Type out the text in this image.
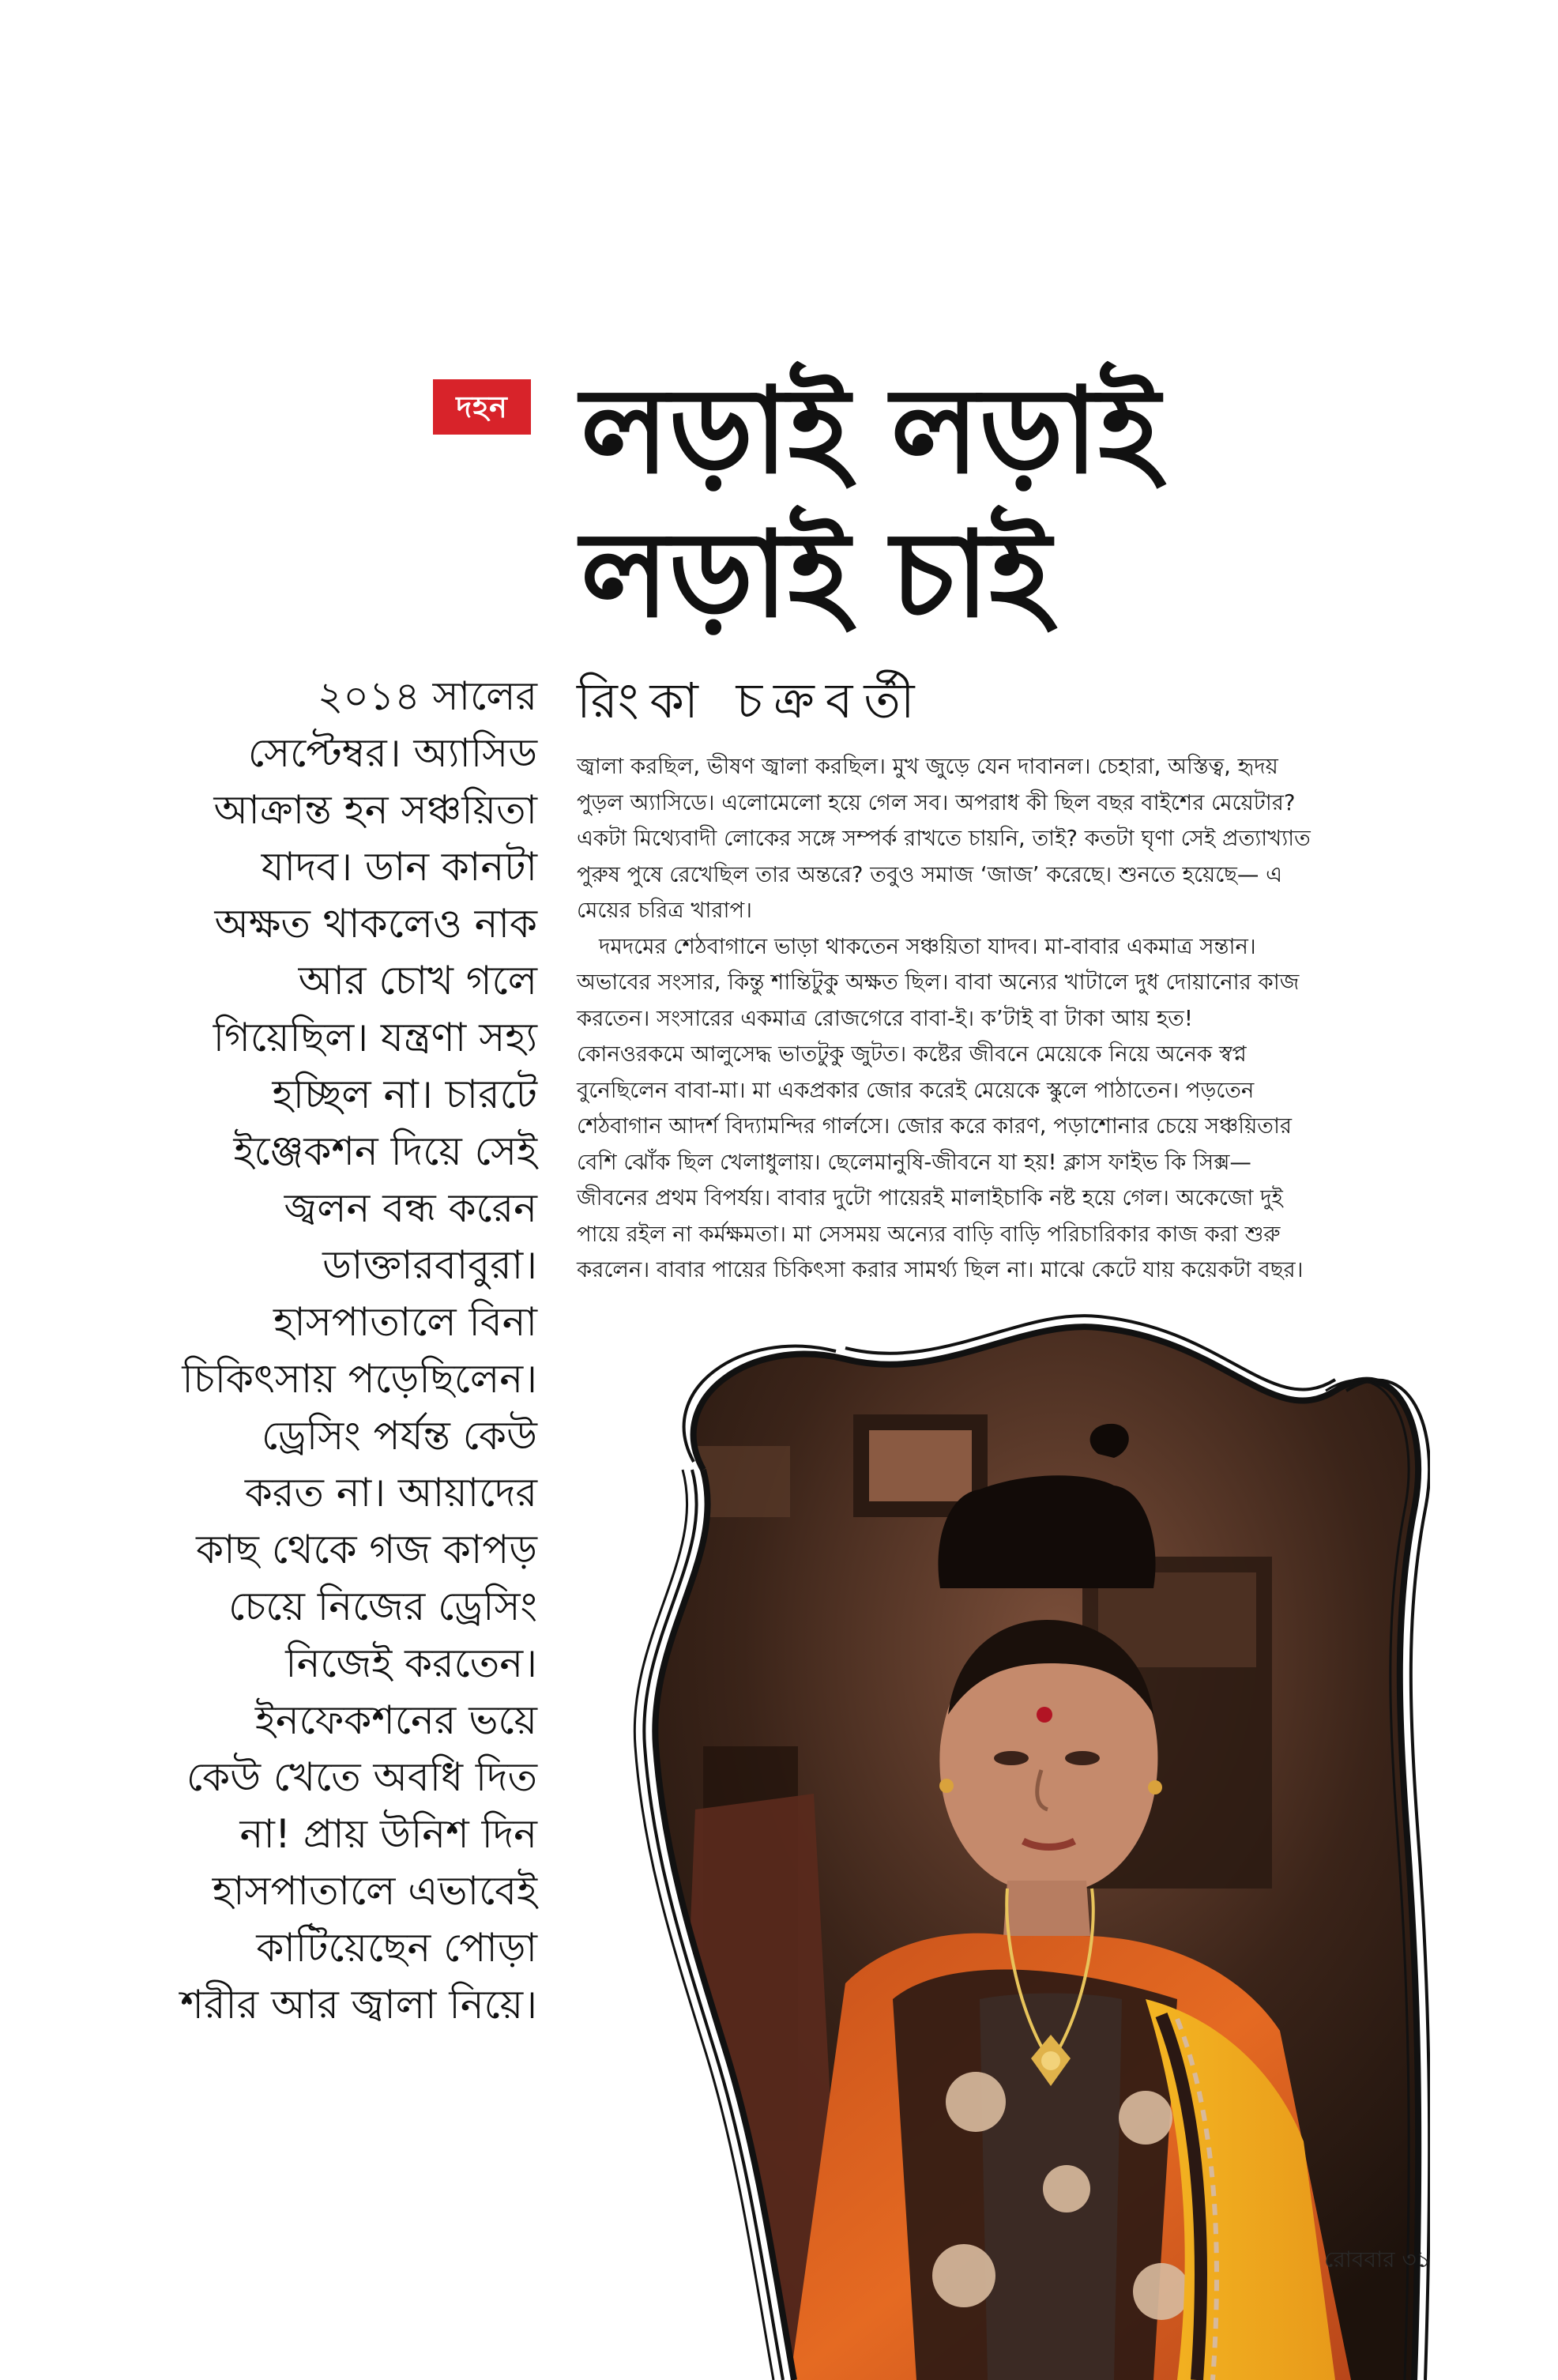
দহন লড়াই লড়াই
লড়াই চাই
রিংকা চক্রবর্তী
২০১৪ সালের
সেপ্টেম্বর। অ্যাসিড
আক্রান্ত হন সঞ্চয়িতা
যাদব। ডান কানটা
অক্ষত থাকলেও নাক
আর চোখ গলে
গিয়েছিল। যন্ত্রণা সহ্য
হচ্ছিল না। চারটে
ইঞ্জেকশন দিয়ে সেই
জ্বলন বন্ধ করেন
ডাক্তারবাবুরা।
হাসপাতালে বিনা
চিকিৎসায় পড়েছিলেন।
ড্রেসিং পর্যন্ত কেউ
করত না। আয়াদের
কাছ থেকে গজ কাপড়
চেয়ে নিজের ড্রেসিং
নিজেই করতেন।
ইনফেকশনের ভয়ে
কেউ খেতে অবধি দিত
না! প্রায় উনিশ দিন
হাসপাতালে এভাবেই
কাটিয়েছেন পোড়া
শরীর আর জ্বালা নিয়ে।
জ্বালা করছিল, ভীষণ জ্বালা করছিল। মুখ জুড়ে যেন দাবানল। চেহারা, অস্তিত্ব, হৃদয়
পুড়ল অ্যাসিডে। এলোমেলো হয়ে গেল সব। অপরাধ কী ছিল বছর বাইশের মেয়েটার?
একটা মিথ্যেবাদী লোকের সঙ্গে সম্পর্ক রাখতে চায়নি, তাই? কতটা ঘৃণা সেই প্রত্যাখ্যাত
পুরুষ পুষে রেখেছিল তার অন্তরে? তবুও সমাজ ‘জাজ’ করেছে। শুনতে হয়েছে— এ
মেয়ের চরিত্র খারাপ।
দমদমের শেঠবাগানে ভাড়া থাকতেন সঞ্চয়িতা যাদব। মা-বাবার একমাত্র সন্তান।
অভাবের সংসার, কিন্তু শান্তিটুকু অক্ষত ছিল। বাবা অন্যের খাটালে দুধ দোয়ানোর কাজ
করতেন। সংসারের একমাত্র রোজগেরে বাবা-ই। ক’টাই বা টাকা আয় হত!
কোনওরকমে আলুসেদ্ধ ভাতটুকু জুটত। কষ্টের জীবনে মেয়েকে নিয়ে অনেক স্বপ্ন
বুনেছিলেন বাবা-মা। মা একপ্রকার জোর করেই মেয়েকে স্কুলে পাঠাতেন। পড়তেন
শেঠবাগান আদর্শ বিদ্যামন্দির গার্লসে। জোর করে কারণ, পড়াশোনার চেয়ে সঞ্চয়িতার
বেশি ঝোঁক ছিল খেলাধুলায়। ছেলেমানুষি-জীবনে যা হয়! ক্লাস ফাইভ কি সিক্স—
জীবনের প্রথম বিপর্যয়। বাবার দুটো পায়েরই মালাইচাকি নষ্ট হয়ে গেল। অকেজো দুই
পায়ে রইল না কর্মক্ষমতা। মা সেসময় অন্যের বাড়ি বাড়ি পরিচারিকার কাজ করা শুরু
করলেন। বাবার পায়ের চিকিৎসা করার সামর্থ্য ছিল না। মাঝে কেটে যায় কয়েকটা বছর।
রোববার ৩১
